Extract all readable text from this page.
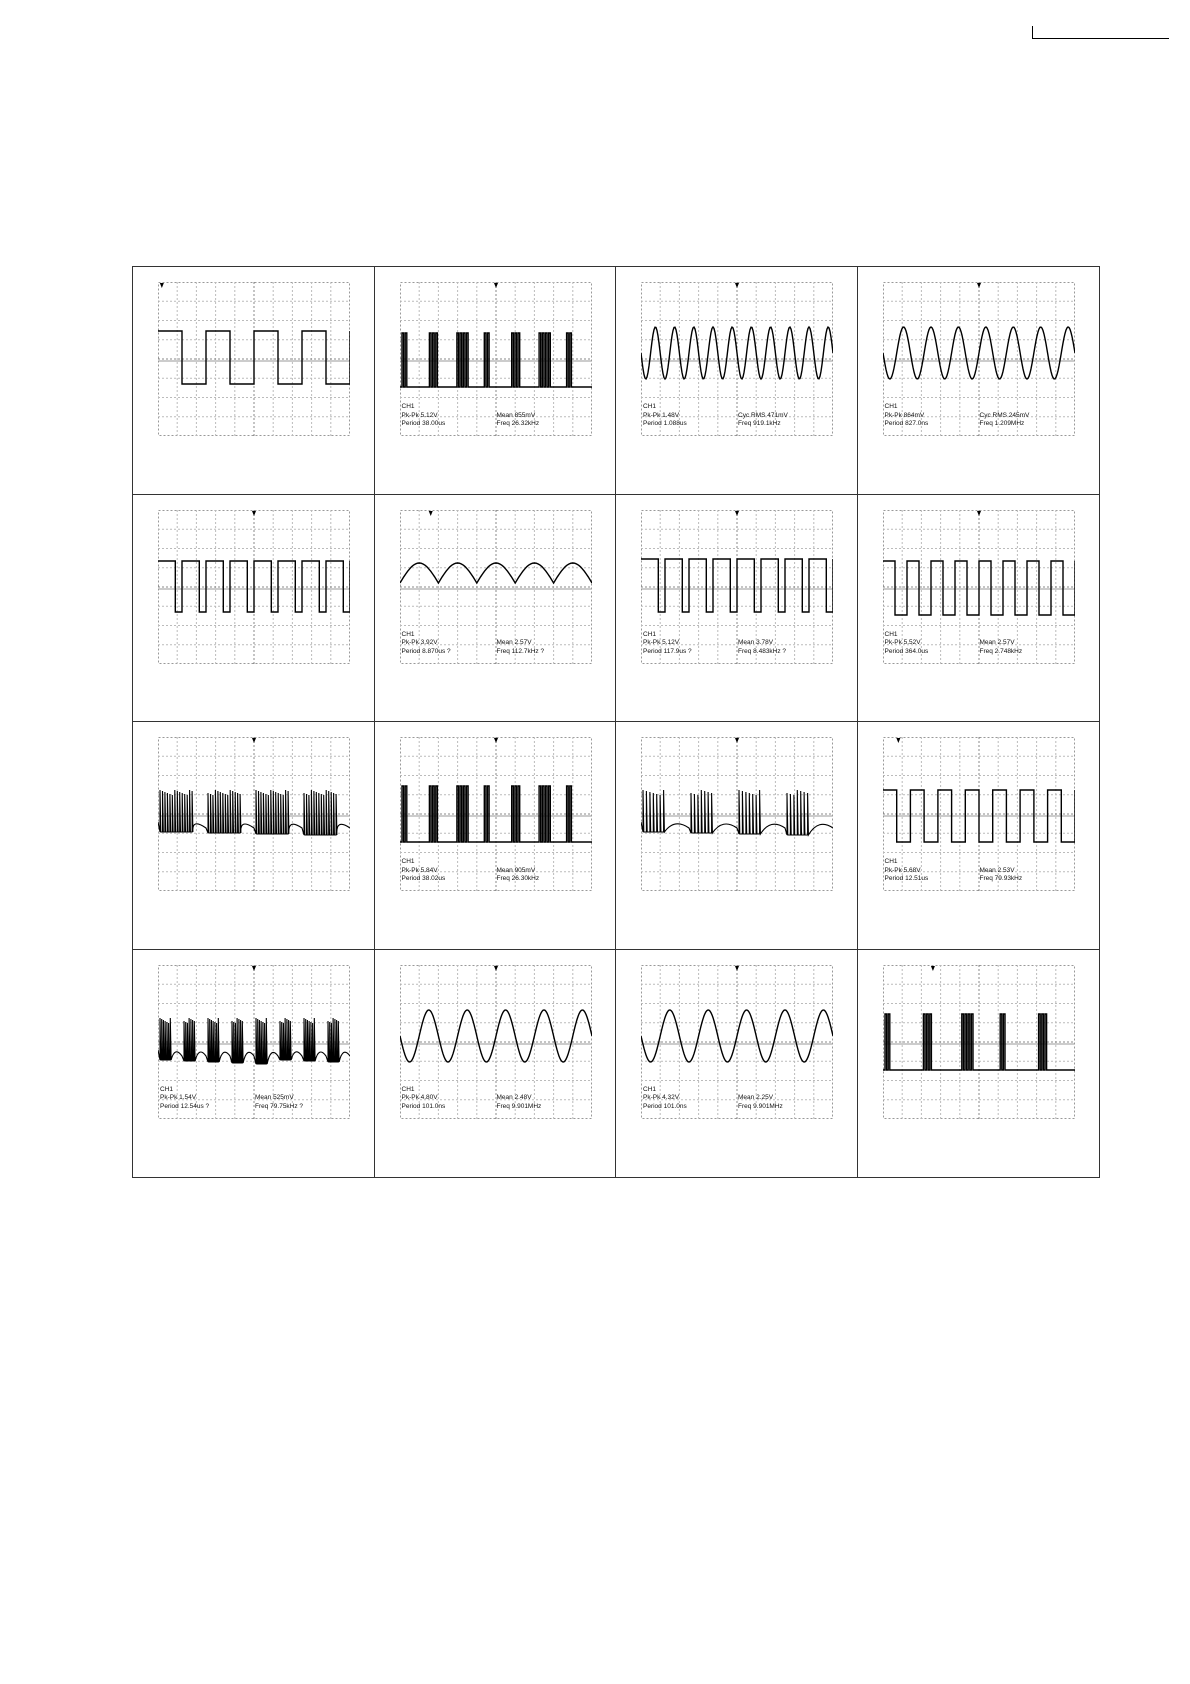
CH1
Pk-Pk 5.12V	Mean 855mV
Period 38.00us	Freq 26.32kHz
CH1
Pk-Pk 1.48V	Cyc RMS 471mV
Period 1.088us	Freq 919.1kHz
CH1
Pk-Pk 864mV	Cyc RMS 245mV
Period 827.0ns	Freq 1.209MHz
CH1
Pk-Pk 3.92V	Mean 2.57V
Period 8.870us ?	Freq 112.7kHz ?
CH1
Pk-Pk 5.12V	Mean 3.78V
Period 117.9us ?	Freq 8.483kHz ?
CH1
Pk-Pk 5.52V	Mean 2.57V
Period 364.0us	Freq 2.748kHz
CH1
Pk-Pk 5.84V	Mean 905mV
Period 38.02us	Freq 26.30kHz
CH1
Pk-Pk 5.68V	Mean 2.53V
Period 12.51us	Freq 79.93kHz
CH1
Pk-Pk 1.54V	Mean 525mV
Period 12.54us ?	Freq 79.75kHz ?
CH1
Pk-Pk 4.80V	Mean 2.48V
Period 101.0ns	Freq 9.901MHz
CH1
Pk-Pk 4.32V	Mean 2.25V
Period 101.0ns	Freq 9.901MHz
